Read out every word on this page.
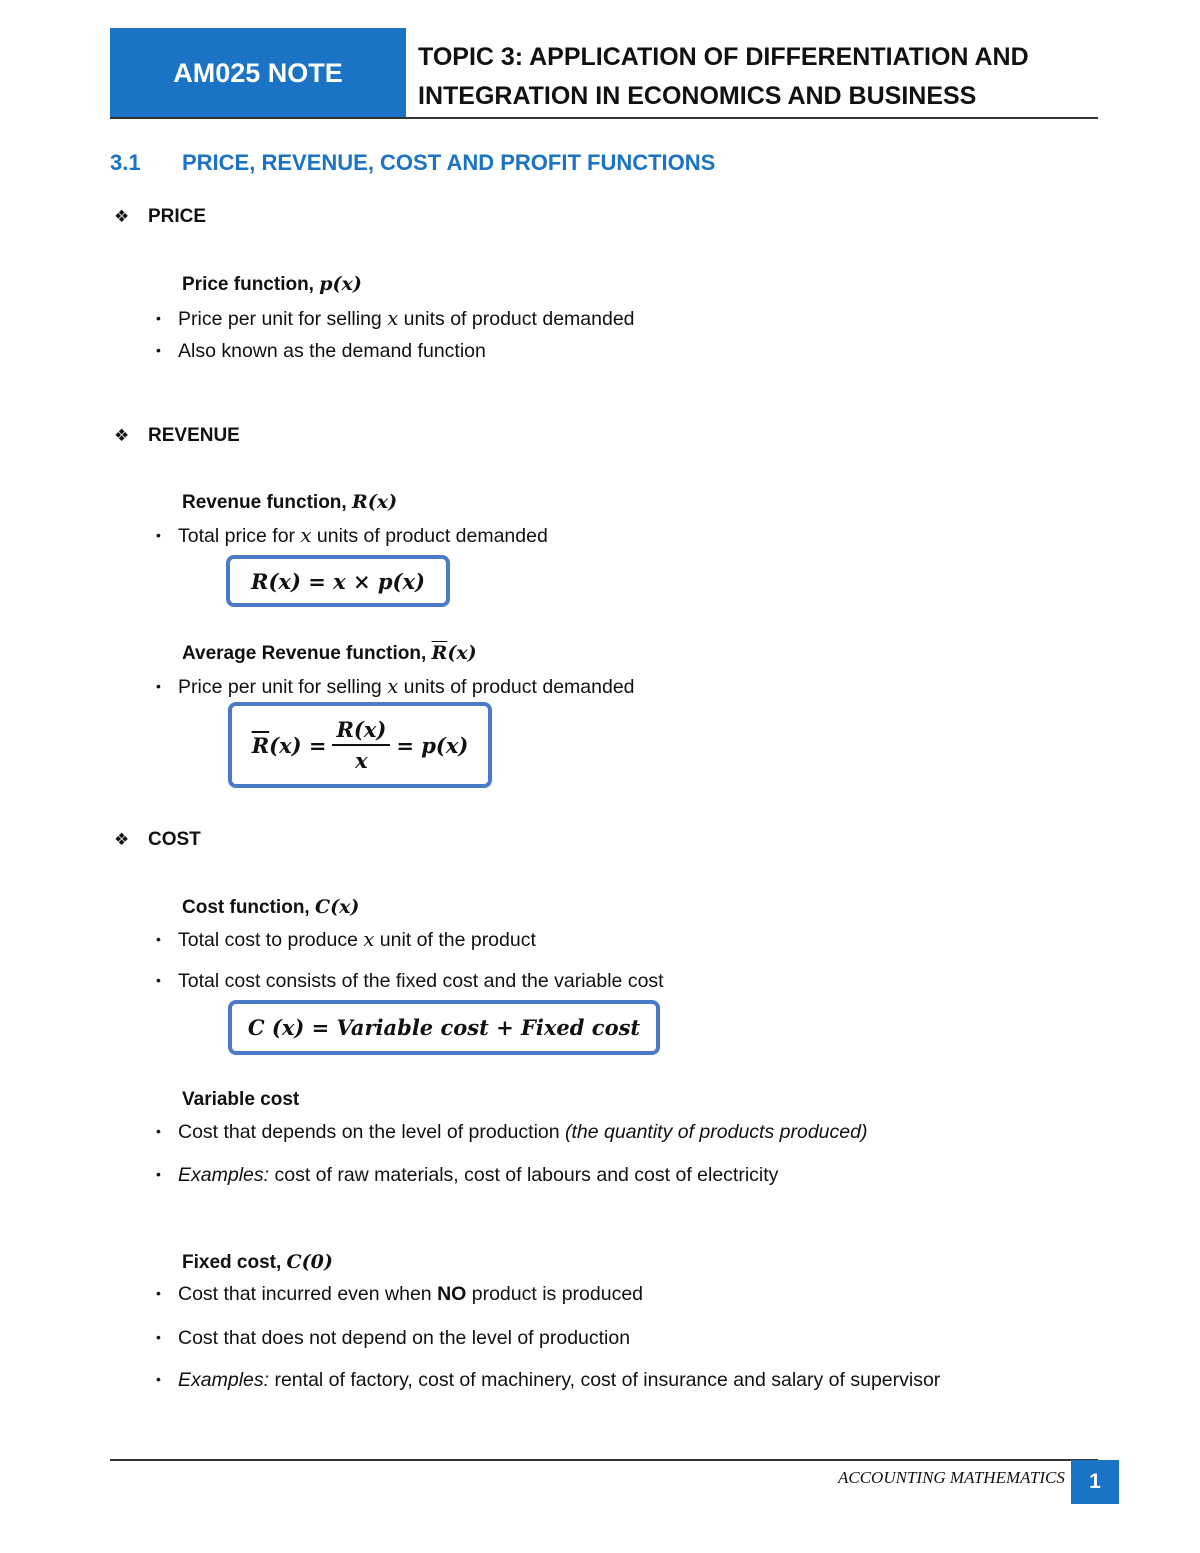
AM025 NOTE
TOPIC 3: APPLICATION OF DIFFERENTIATION AND
INTEGRATION IN ECONOMICS AND BUSINESS
3.1 PRICE, REVENUE, COST AND PROFIT FUNCTIONS
❖ PRICE
Price function, p(x)
• Price per unit for selling x units of product demanded
• Also known as the demand function
❖ REVENUE
Revenue function, R(x)
• Total price for x units of product demanded
R(x) = x × p(x)
Average Revenue function, $\overline{R}(x)$
• Price per unit for selling x units of product demanded
$\overline{R}(x) = \frac{R(x)}{x} = p(x)$
❖ COST
Cost function, C(x)
• Total cost to produce x unit of the product
• Total cost consists of the fixed cost and the variable cost
C (x) = Variable cost + Fixed cost
Variable cost
• Cost that depends on the level of production (the quantity of products produced)
• Examples: cost of raw materials, cost of labours and cost of electricity
Fixed cost, C(0)
• Cost that incurred even when NO product is produced
• Cost that does not depend on the level of production
• Examples: rental of factory, cost of machinery, cost of insurance and salary of supervisor
ACCOUNTING MATHEMATICS	1
